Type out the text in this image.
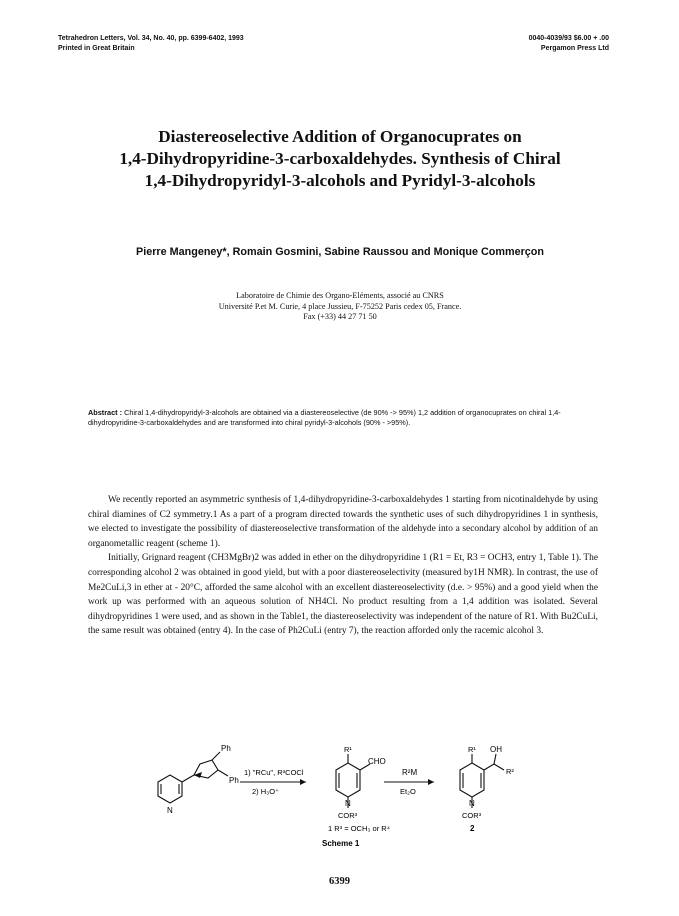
Tetrahedron Letters, Vol. 34, No. 40, pp. 6399-6402, 1993
Printed in Great Britain
0040-4039/93 $6.00 + .00
Pergamon Press Ltd
Diastereoselective Addition of Organocuprates on
1,4-Dihydropyridine-3-carboxaldehydes. Synthesis of Chiral
1,4-Dihydropyridyl-3-alcohols and Pyridyl-3-alcohols
Pierre Mangeney*, Romain Gosmini, Sabine Raussou and Monique Commerçon
Laboratoire de Chimie des Organo-Eléments, associé au CNRS
Université P.et M. Curie, 4 place Jussieu, F-75252 Paris cedex 05, France.
Fax (+33) 44 27 71 50
Abstract : Chiral 1,4-dihydropyridyl-3-alcohols are obtained via a diastereoselective (de 90% -> 95%) 1,2 addition of organocuprates on chiral 1,4-dihydropyridine-3-carboxaldehydes and are transformed into chiral pyridyl-3-alcohols (90% - >95%).

We recently reported an asymmetric synthesis of 1,4-dihydropyridine-3-carboxaldehydes 1 starting from nicotinaldehyde by using chiral diamines of C2 symmetry.1 As a part of a program directed towards the synthetic uses of such dihydropyridines 1 in synthesis, we elected to investigate the possibility of diastereoselective transformation of the aldehyde into a secondary alcohol by addition of an organometallic reagent (scheme 1).

Initially, Grignard reagent (CH3MgBr)2 was added in ether on the dihydropyridine 1 (R1 = Et, R3 = OCH3, entry 1, Table 1). The corresponding alcohol 2 was obtained in good yield, but with a poor diastereoselectivity (measured by1H NMR). In contrast, the use of Me2CuLi,3 in ether at - 20°C, afforded the same alcohol with an excellent diastereoselectivity (d.e. > 95%) and a good yield when the work up was performed with an aqueous solution of NH4Cl. No product resulting from a 1,4 addition was isolated. Several dihydropyridines 1 were used, and as shown in the Table1, the diastereoselectivity was independent of the nature of R1. With Bu2CuLi, the same result was obtained (entry 4). In the case of Ph2CuLi (entry 7), the reaction afforded only the racemic alcohol 3.

Ph
Ph
N
1) "RCu", R³COCl
2) H₃O⁺
R¹
CHO
N
COR³
1 R³ = OCH₃ or R⁴
R²M
Et₂O
R¹ OH
R²
N
COR³
2
Scheme 1
6399
